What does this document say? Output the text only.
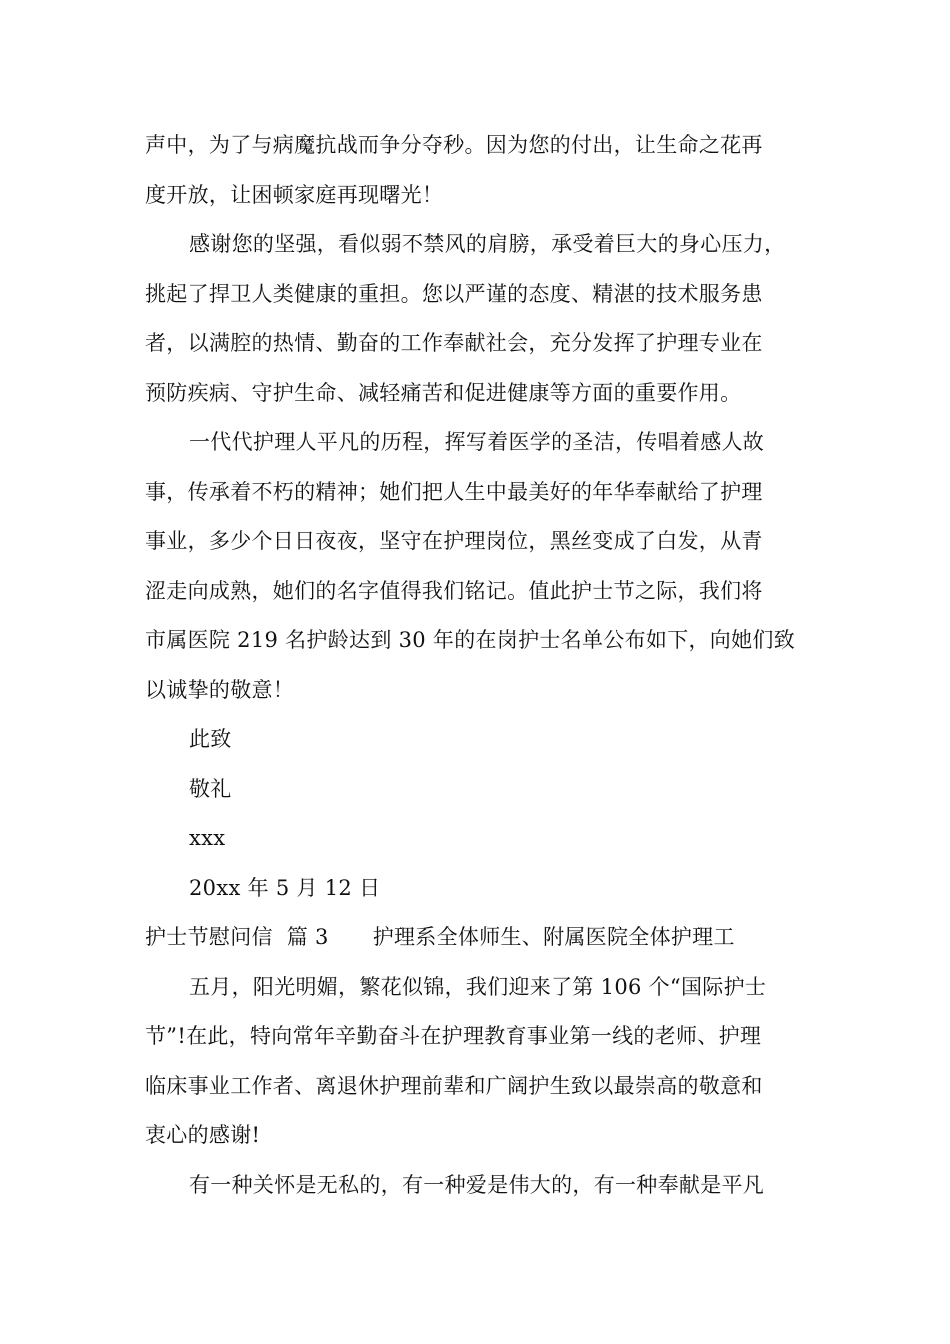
声中，为了与病魔抗战而争分夺秒。因为您的付出，让生命之花再
度开放，让困顿家庭再现曙光！
感谢您的坚强，看似弱不禁风的肩膀，承受着巨大的身心压力，
挑起了捍卫人类健康的重担。您以严谨的态度、精湛的技术服务患
者，以满腔的热情、勤奋的工作奉献社会，充分发挥了护理专业在
预防疾病、守护生命、减轻痛苦和促进健康等方面的重要作用。
一代代护理人平凡的历程，挥写着医学的圣洁，传唱着感人故
事，传承着不朽的精神；她们把人生中最美好的年华奉献给了护理
事业，多少个日日夜夜，坚守在护理岗位，黑丝变成了白发，从青
涩走向成熟，她们的名字值得我们铭记。值此护士节之际，我们将
市属医院 219 名护龄达到 30 年的在岗护士名单公布如下，向她们致
以诚挚的敬意！
此致
敬礼
xxx
20xx 年 5 月 12 日
护士节慰问信  篇 3 护理系全体师生、附属医院全体护理工
五月，阳光明媚，繁花似锦，我们迎来了第 106 个“国际护士
节”!在此，特向常年辛勤奋斗在护理教育事业第一线的老师、护理
临床事业工作者、离退休护理前辈和广阔护生致以最崇高的敬意和
衷心的感谢!
有一种关怀是无私的，有一种爱是伟大的，有一种奉献是平凡
